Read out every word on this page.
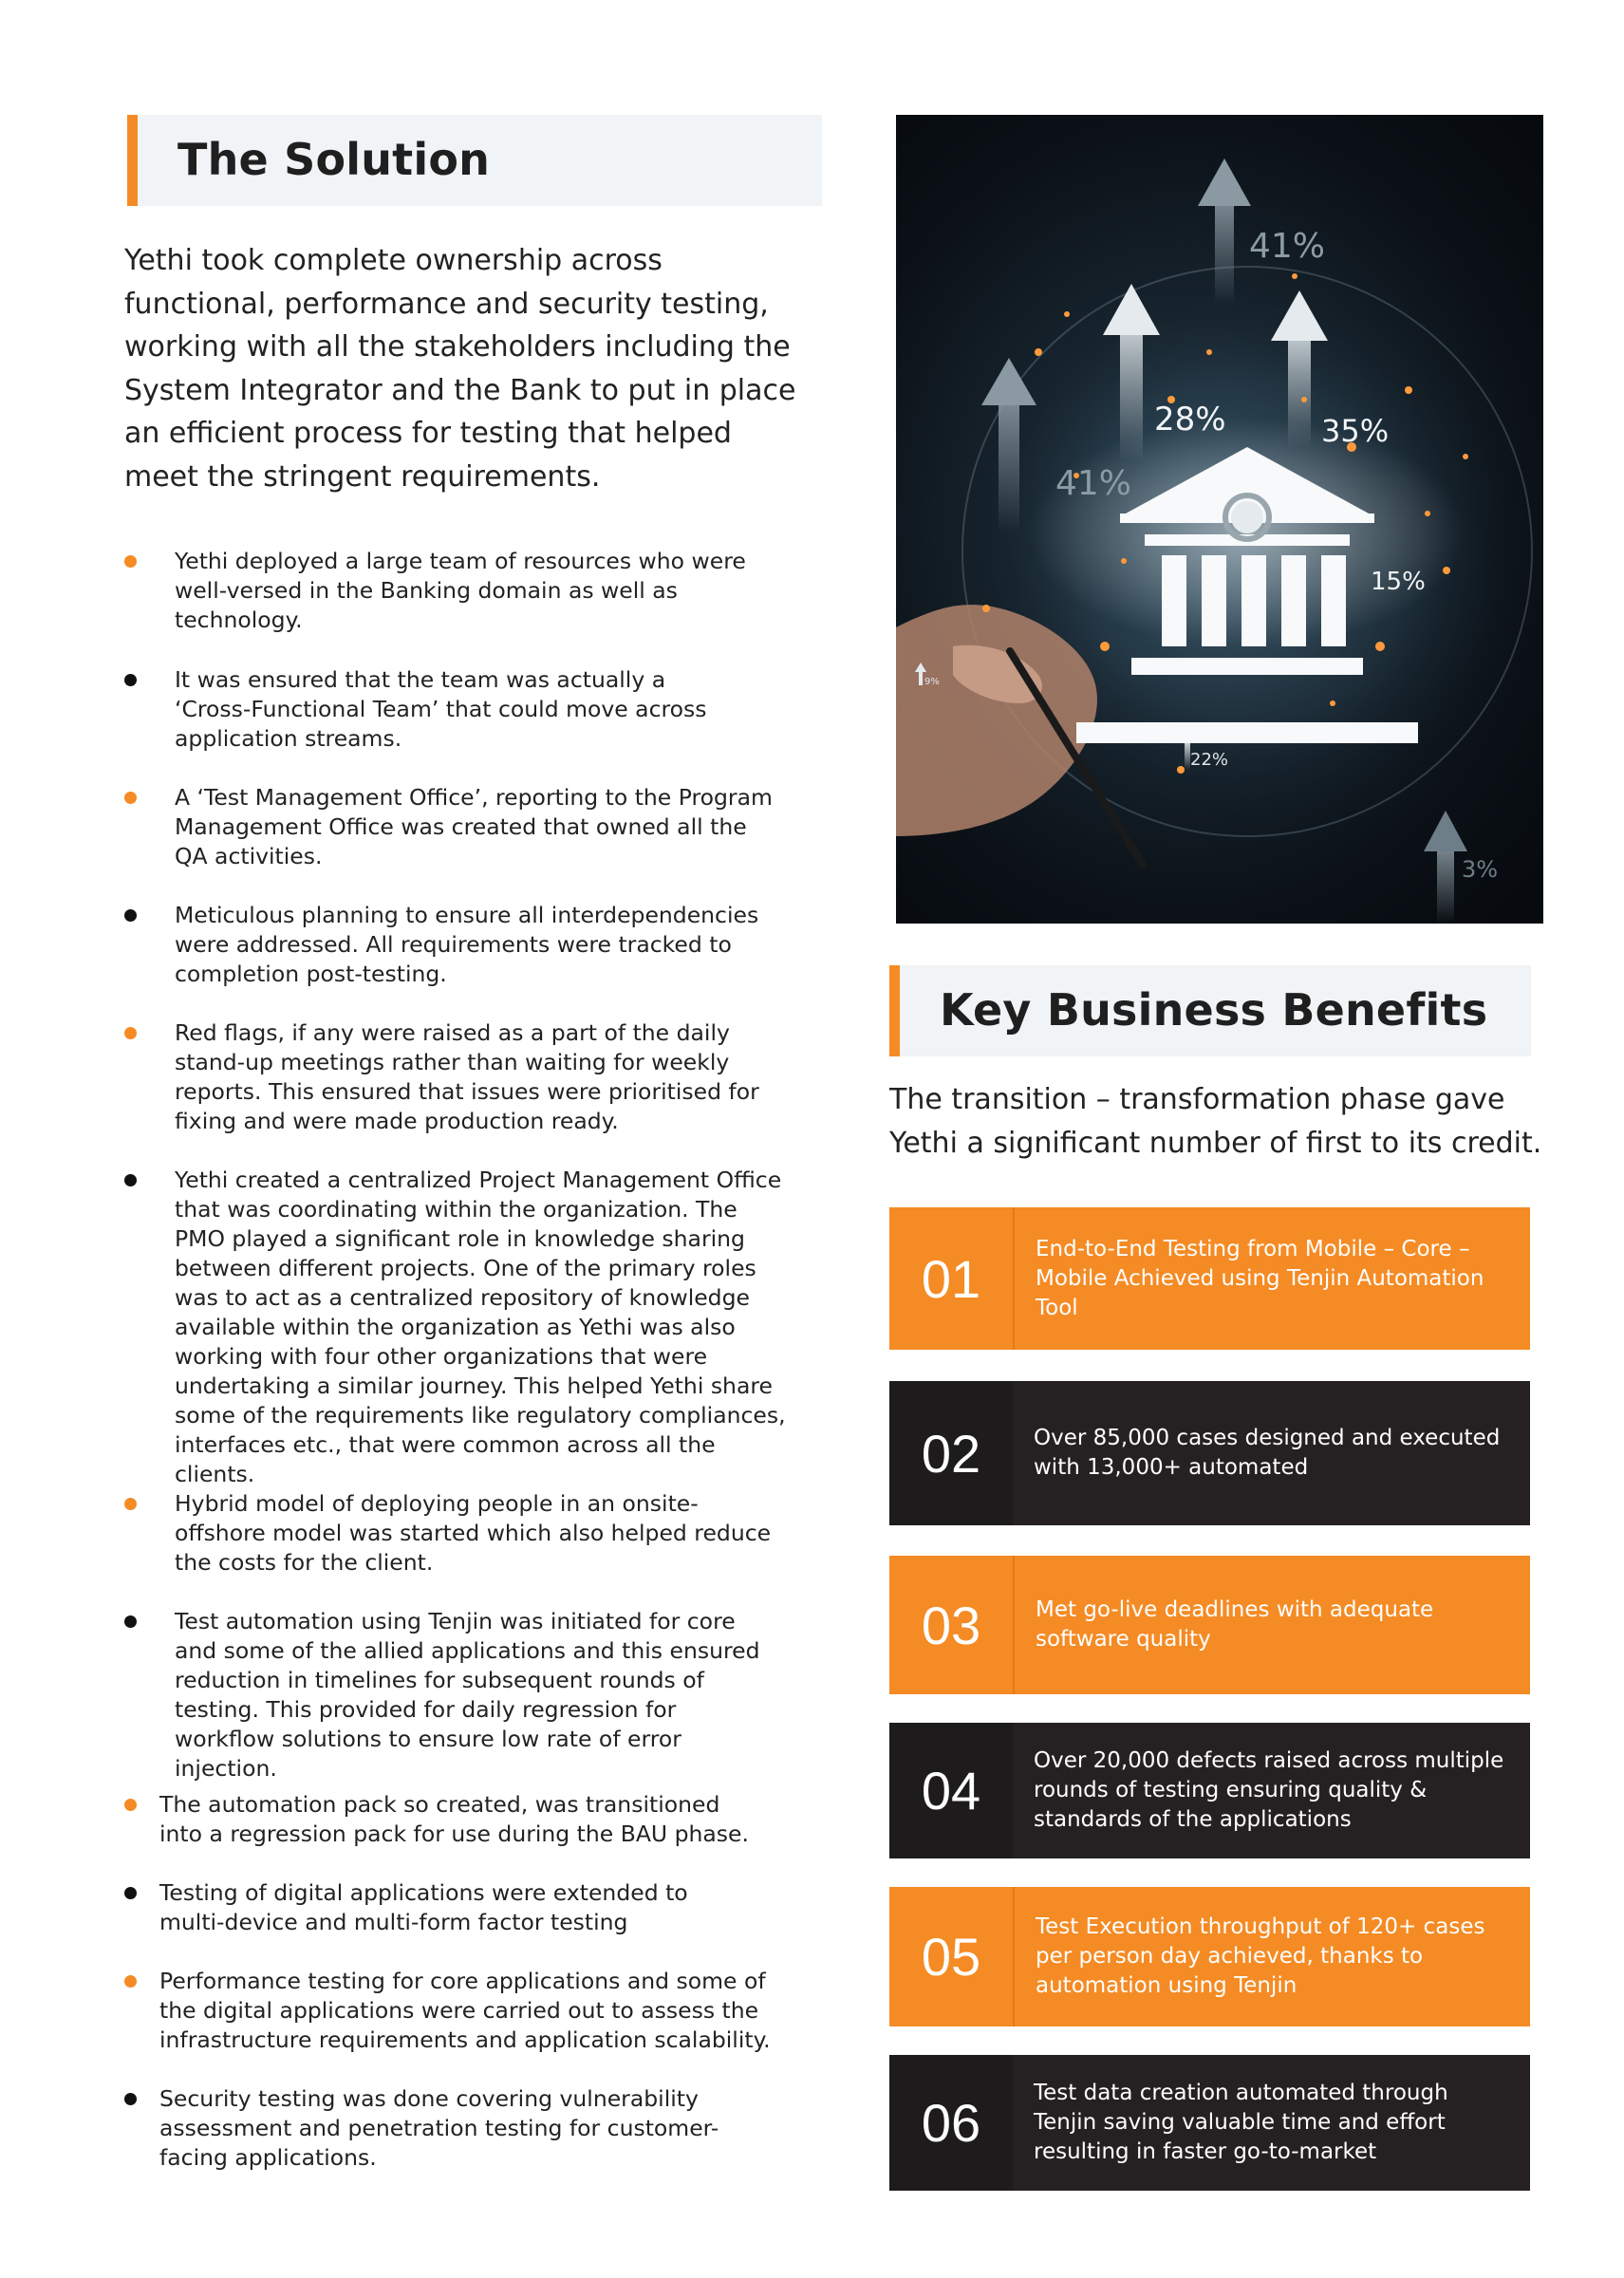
The Solution
Yethi took complete ownership across functional, performance and security testing, working with all the stakeholders including the System Integrator and the Bank to put in place an efficient process for testing that helped meet the stringent requirements.
Yethi deployed a large team of resources who were well-versed in the Banking domain as well as technology.
It was ensured that the team was actually a ‘Cross-Functional Team’ that could move across application streams.
A ‘Test Management Office’, reporting to the Program Management Office was created that owned all the QA activities.
Meticulous planning to ensure all interdependencies were addressed. All requirements were tracked to completion post-testing.
Red flags, if any were raised as a part of the daily stand-up meetings rather than waiting for weekly reports. This ensured that issues were prioritised for fixing and were made production ready.
Yethi created a centralized Project Management Office that was coordinating within the organization. The PMO played a significant role in knowledge sharing between different projects. One of the primary roles was to act as a centralized repository of knowledge available within the organization as Yethi was also working with four other organizations that were undertaking a similar journey. This helped Yethi share some of the requirements like regulatory compliances, interfaces etc., that were common across all the clients.
Hybrid model of deploying people in an onsite-offshore model was started which also helped reduce the costs for the client.
Test automation using Tenjin was initiated for core and some of the allied applications and this ensured reduction in timelines for subsequent rounds of testing. This provided for daily regression for workflow solutions to ensure low rate of error injection.
The automation pack so created, was transitioned into a regression pack for use during the BAU phase.
Testing of digital applications were extended to multi-device and multi-form factor testing
Performance testing for core applications and some of the digital applications were carried out to assess the infrastructure requirements and application scalability.
Security testing was done covering vulnerability assessment and penetration testing for customer-facing applications.
41%
28%	35%
41%
15%
22%
3%
9%
Key Business Benefits
The transition – transformation phase gave Yethi a significant number of first to its credit.
01	End-to-End Testing from Mobile – Core – Mobile Achieved using Tenjin Automation Tool
02	Over 85,000 cases designed and executed with 13,000+ automated
03	Met go-live deadlines with adequate software quality
04	Over 20,000 defects raised across multiple rounds of testing ensuring quality & standards of the applications
05	Test Execution throughput of 120+ cases per person day achieved, thanks to automation using Tenjin
06	Test data creation automated through Tenjin saving valuable time and effort resulting in faster go-to-market
